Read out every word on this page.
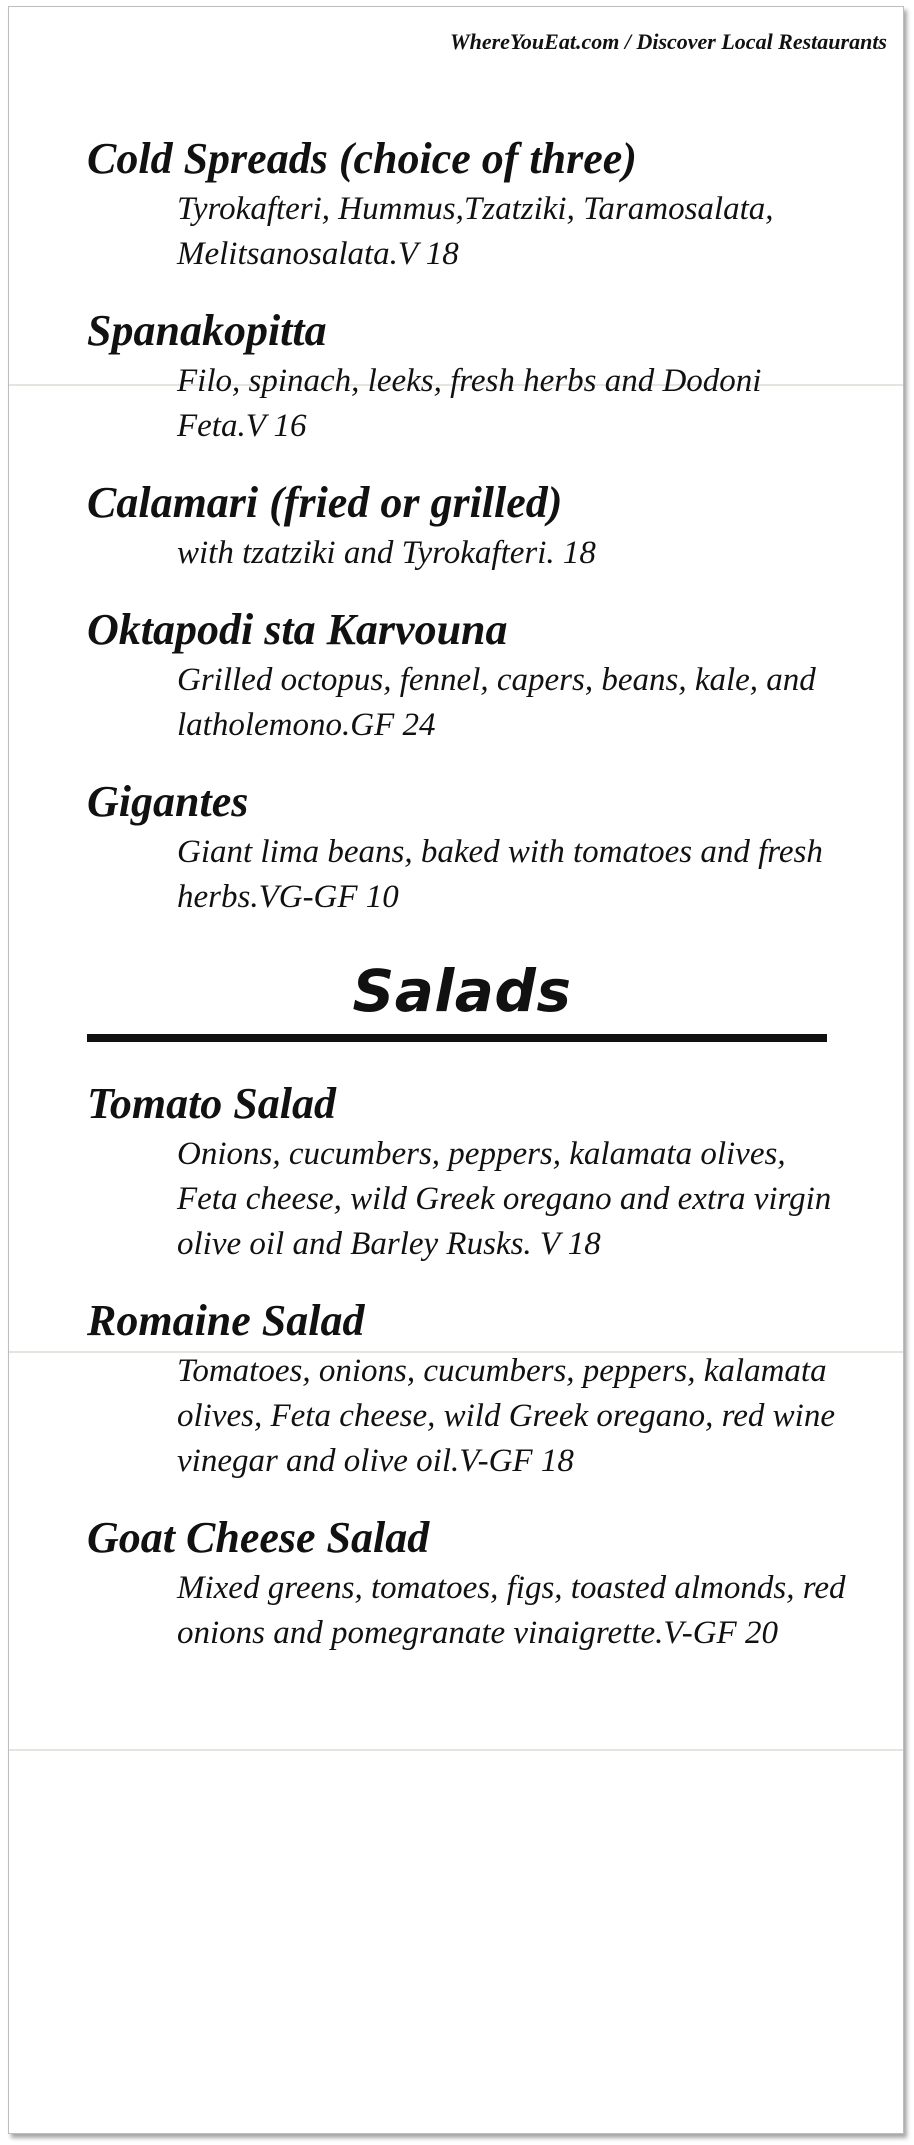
WhereYouEat.com / Discover Local Restaurants

Cold Spreads (choice of three)

Tyrokafteri, Hummus,Tzatziki, Taramosalata, Melitsanosalata.V 18

Spanakopitta

Filo, spinach, leeks, fresh herbs and Dodoni Feta.V 16

Calamari (fried or grilled)

with tzatziki and Tyrokafteri. 18

Oktapodi sta Karvouna

Grilled octopus, fennel, capers, beans, kale, and latholemono.GF 24

Gigantes

Giant lima beans, baked with tomatoes and fresh herbs.VG-GF 10

Salads

Tomato Salad

Onions, cucumbers, peppers, kalamata olives, Feta cheese, wild Greek oregano and extra virgin olive oil and Barley Rusks. V 18

Romaine Salad

Tomatoes, onions, cucumbers, peppers, kalamata olives, Feta cheese, wild Greek oregano, red wine vinegar and olive oil.V-GF 18

Goat Cheese Salad

Mixed greens, tomatoes, figs, toasted almonds, red onions and pomegranate vinaigrette.V-GF 20
